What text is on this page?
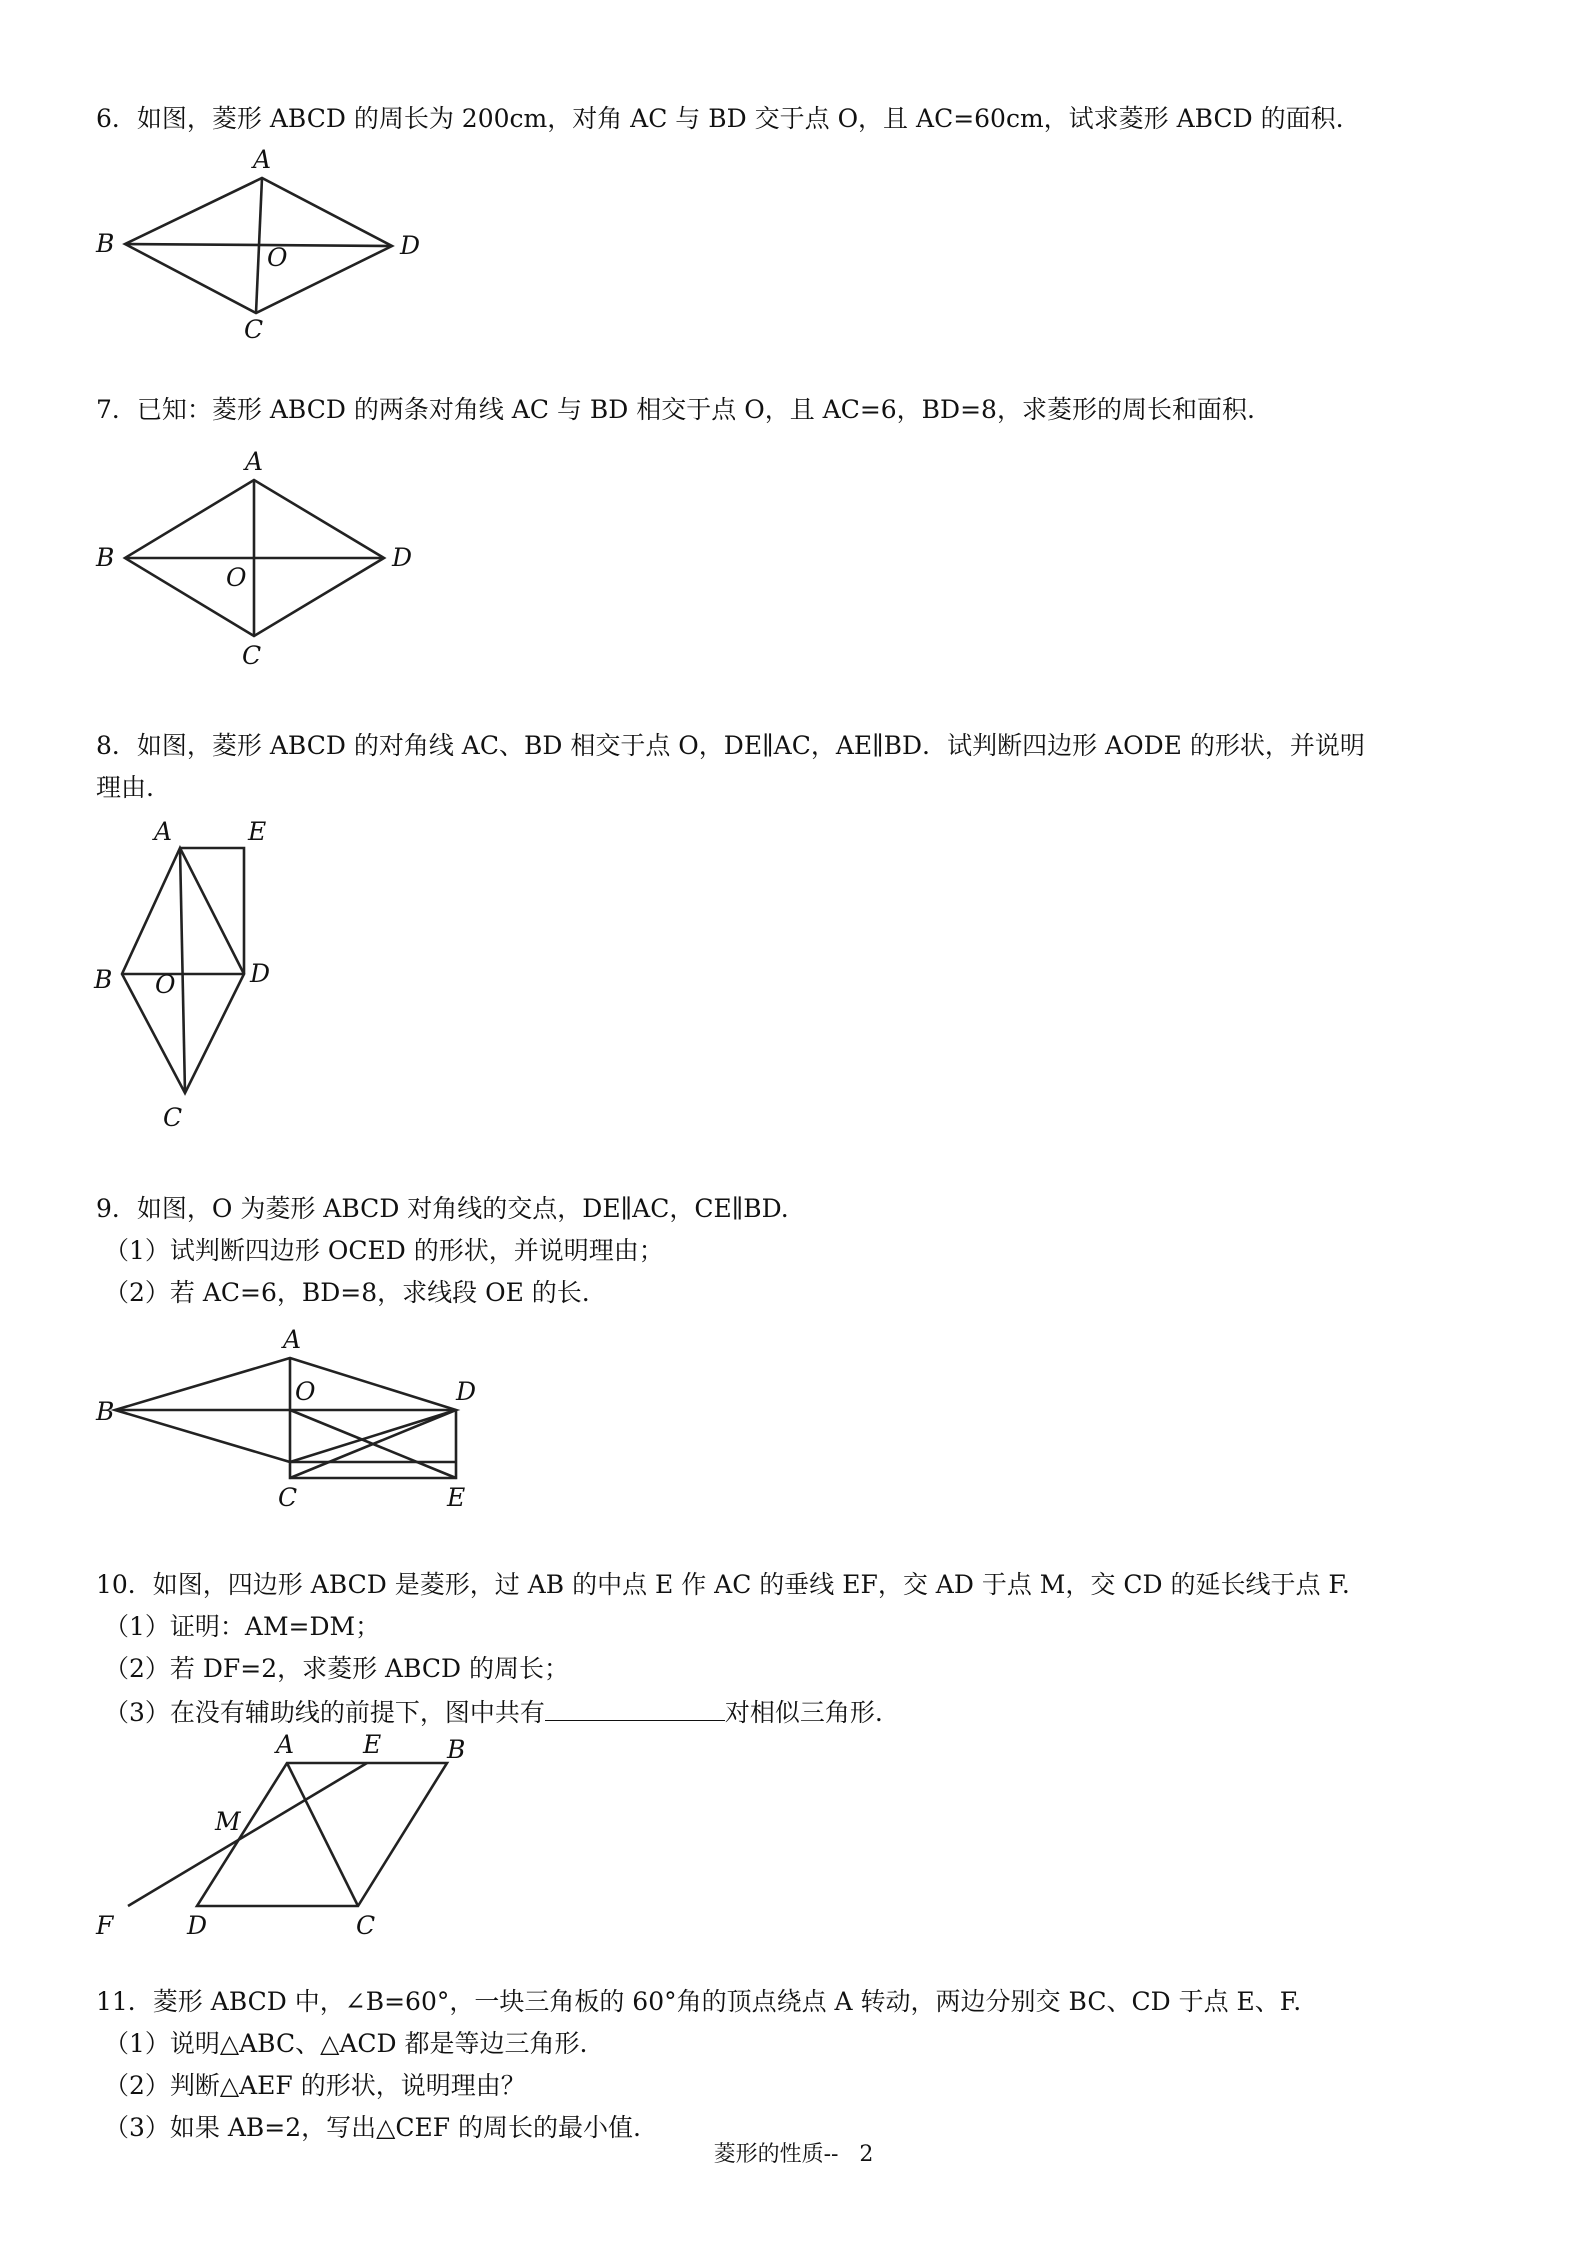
6．如图，菱形 ABCD 的周长为 200cm，对角 AC 与 BD 交于点 O，且 AC=60cm，试求菱形 ABCD 的面积.
A
B
C
D
O
7．已知：菱形 ABCD 的两条对角线 AC 与 BD 相交于点 O，且 AC=6，BD=8，求菱形的周长和面积.
A
B
C
D
O
8．如图，菱形 ABCD 的对角线 AC、BD 相交于点 O，DE∥AC，AE∥BD．试判断四边形 AODE 的形状，并说明
理由.
A	E
B	D
O
C
9．如图，O 为菱形 ABCD 对角线的交点，DE∥AC，CE∥BD.
（1）试判断四边形 OCED 的形状，并说明理由；
（2）若 AC=6，BD=8，求线段 OE 的长.
A
B
O	D
C	E
10．如图，四边形 ABCD 是菱形，过 AB 的中点 E 作 AC 的垂线 EF，交 AD 于点 M，交 CD 的延长线于点 F.
（1）证明：AM=DM；
（2）若 DF=2，求菱形 ABCD 的周长；
（3）在没有辅助线的前提下，图中共有	对相似三角形.
A	E	B
M
F	D	C
11．菱形 ABCD 中，∠B=60°，一块三角板的 60°角的顶点绕点 A 转动，两边分别交 BC、CD 于点 E、F.
（1）说明△ABC、△ACD 都是等边三角形.
（2）判断△AEF 的形状，说明理由？
（3）如果 AB=2，写出△CEF 的周长的最小值.
菱形的性质-- 2
